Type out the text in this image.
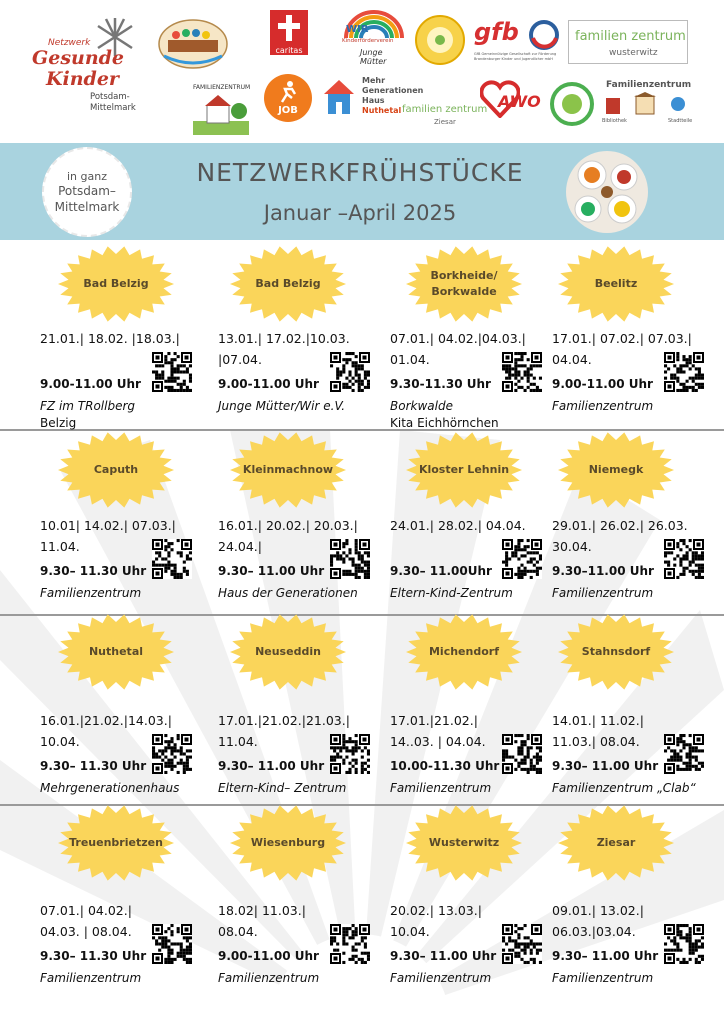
Netzwerk
Gesunde
Kinder
Potsdam-
Mittelmark
caritas
WIR
Kinderförderverein
Junge
Mütter
gfb
GfB Gemeinnützige Gesellschaft zur Förderung Brandenburger Kinder und Jugendlicher mbH
familien zentrum
wusterwitz
FAMILIENZENTRUM
JOB
Mehr
Generationen
Haus
Nuthetal familien zentrum
Ziesar
AWO
Familienzentrum
Bibliothek	Stadtteile
in ganz
Potsdam–
Mittelmark
NETZWERKFRÜHSTÜCKE
Januar –April 2025
Bad Belzig
21.01.| 18.02. |18.03.|
9.00-11.00 Uhr
FZ im TRollberg
Belzig
Bad Belzig
13.01.| 17.02.|10.03.
|07.04.
9.00-11.00 Uhr
Junge Mütter/Wir e.V.
Borkheide/ Borkwalde
07.01.| 04.02.|04.03.|
01.04.
9.30-11.30 Uhr
Borkwalde
Kita Eichhörnchen
Beelitz
17.01.| 07.02.| 07.03.|
04.04.
9.00-11.00 Uhr
Familienzentrum
Caputh
10.01| 14.02.| 07.03.|
11.04.
9.30– 11.30 Uhr
Familienzentrum
Kleinmachnow
16.01.| 20.02.| 20.03.|
24.04.|
9.30– 11.00 Uhr
Haus der Generationen
Kloster Lehnin
24.01.| 28.02.| 04.04.
9.30– 11.00Uhr
Eltern-Kind-Zentrum
Niemegk
29.01.| 26.02.| 26.03.
30.04.
9.30–11.00 Uhr
Familienzentrum
Nuthetal
16.01.|21.02.|14.03.|
10.04.
9.30– 11.30 Uhr
Mehrgenerationenhaus
Neuseddin
17.01.|21.02.|21.03.|
11.04.
9.30– 11.00 Uhr
Eltern-Kind– Zentrum
Michendorf
17.01.|21.02.|
14..03. | 04.04.
10.00-11.30 Uhr
Familienzentrum
Stahnsdorf
14.01.| 11.02.|
11.03.| 08.04.
9.30– 11.00 Uhr
Familienzentrum „Clab“
Treuenbrietzen
07.01.| 04.02.|
04.03. | 08.04.
9.30– 11.30 Uhr
Familienzentrum
Wiesenburg
18.02| 11.03.|
08.04.
9.00-11.00 Uhr
Familienzentrum
Wusterwitz
20.02.| 13.03.|
10.04.
9.30– 11.00 Uhr
Familienzentrum
Ziesar
09.01.| 13.02.|
06.03.|03.04.
9.30– 11.00 Uhr
Familienzentrum
